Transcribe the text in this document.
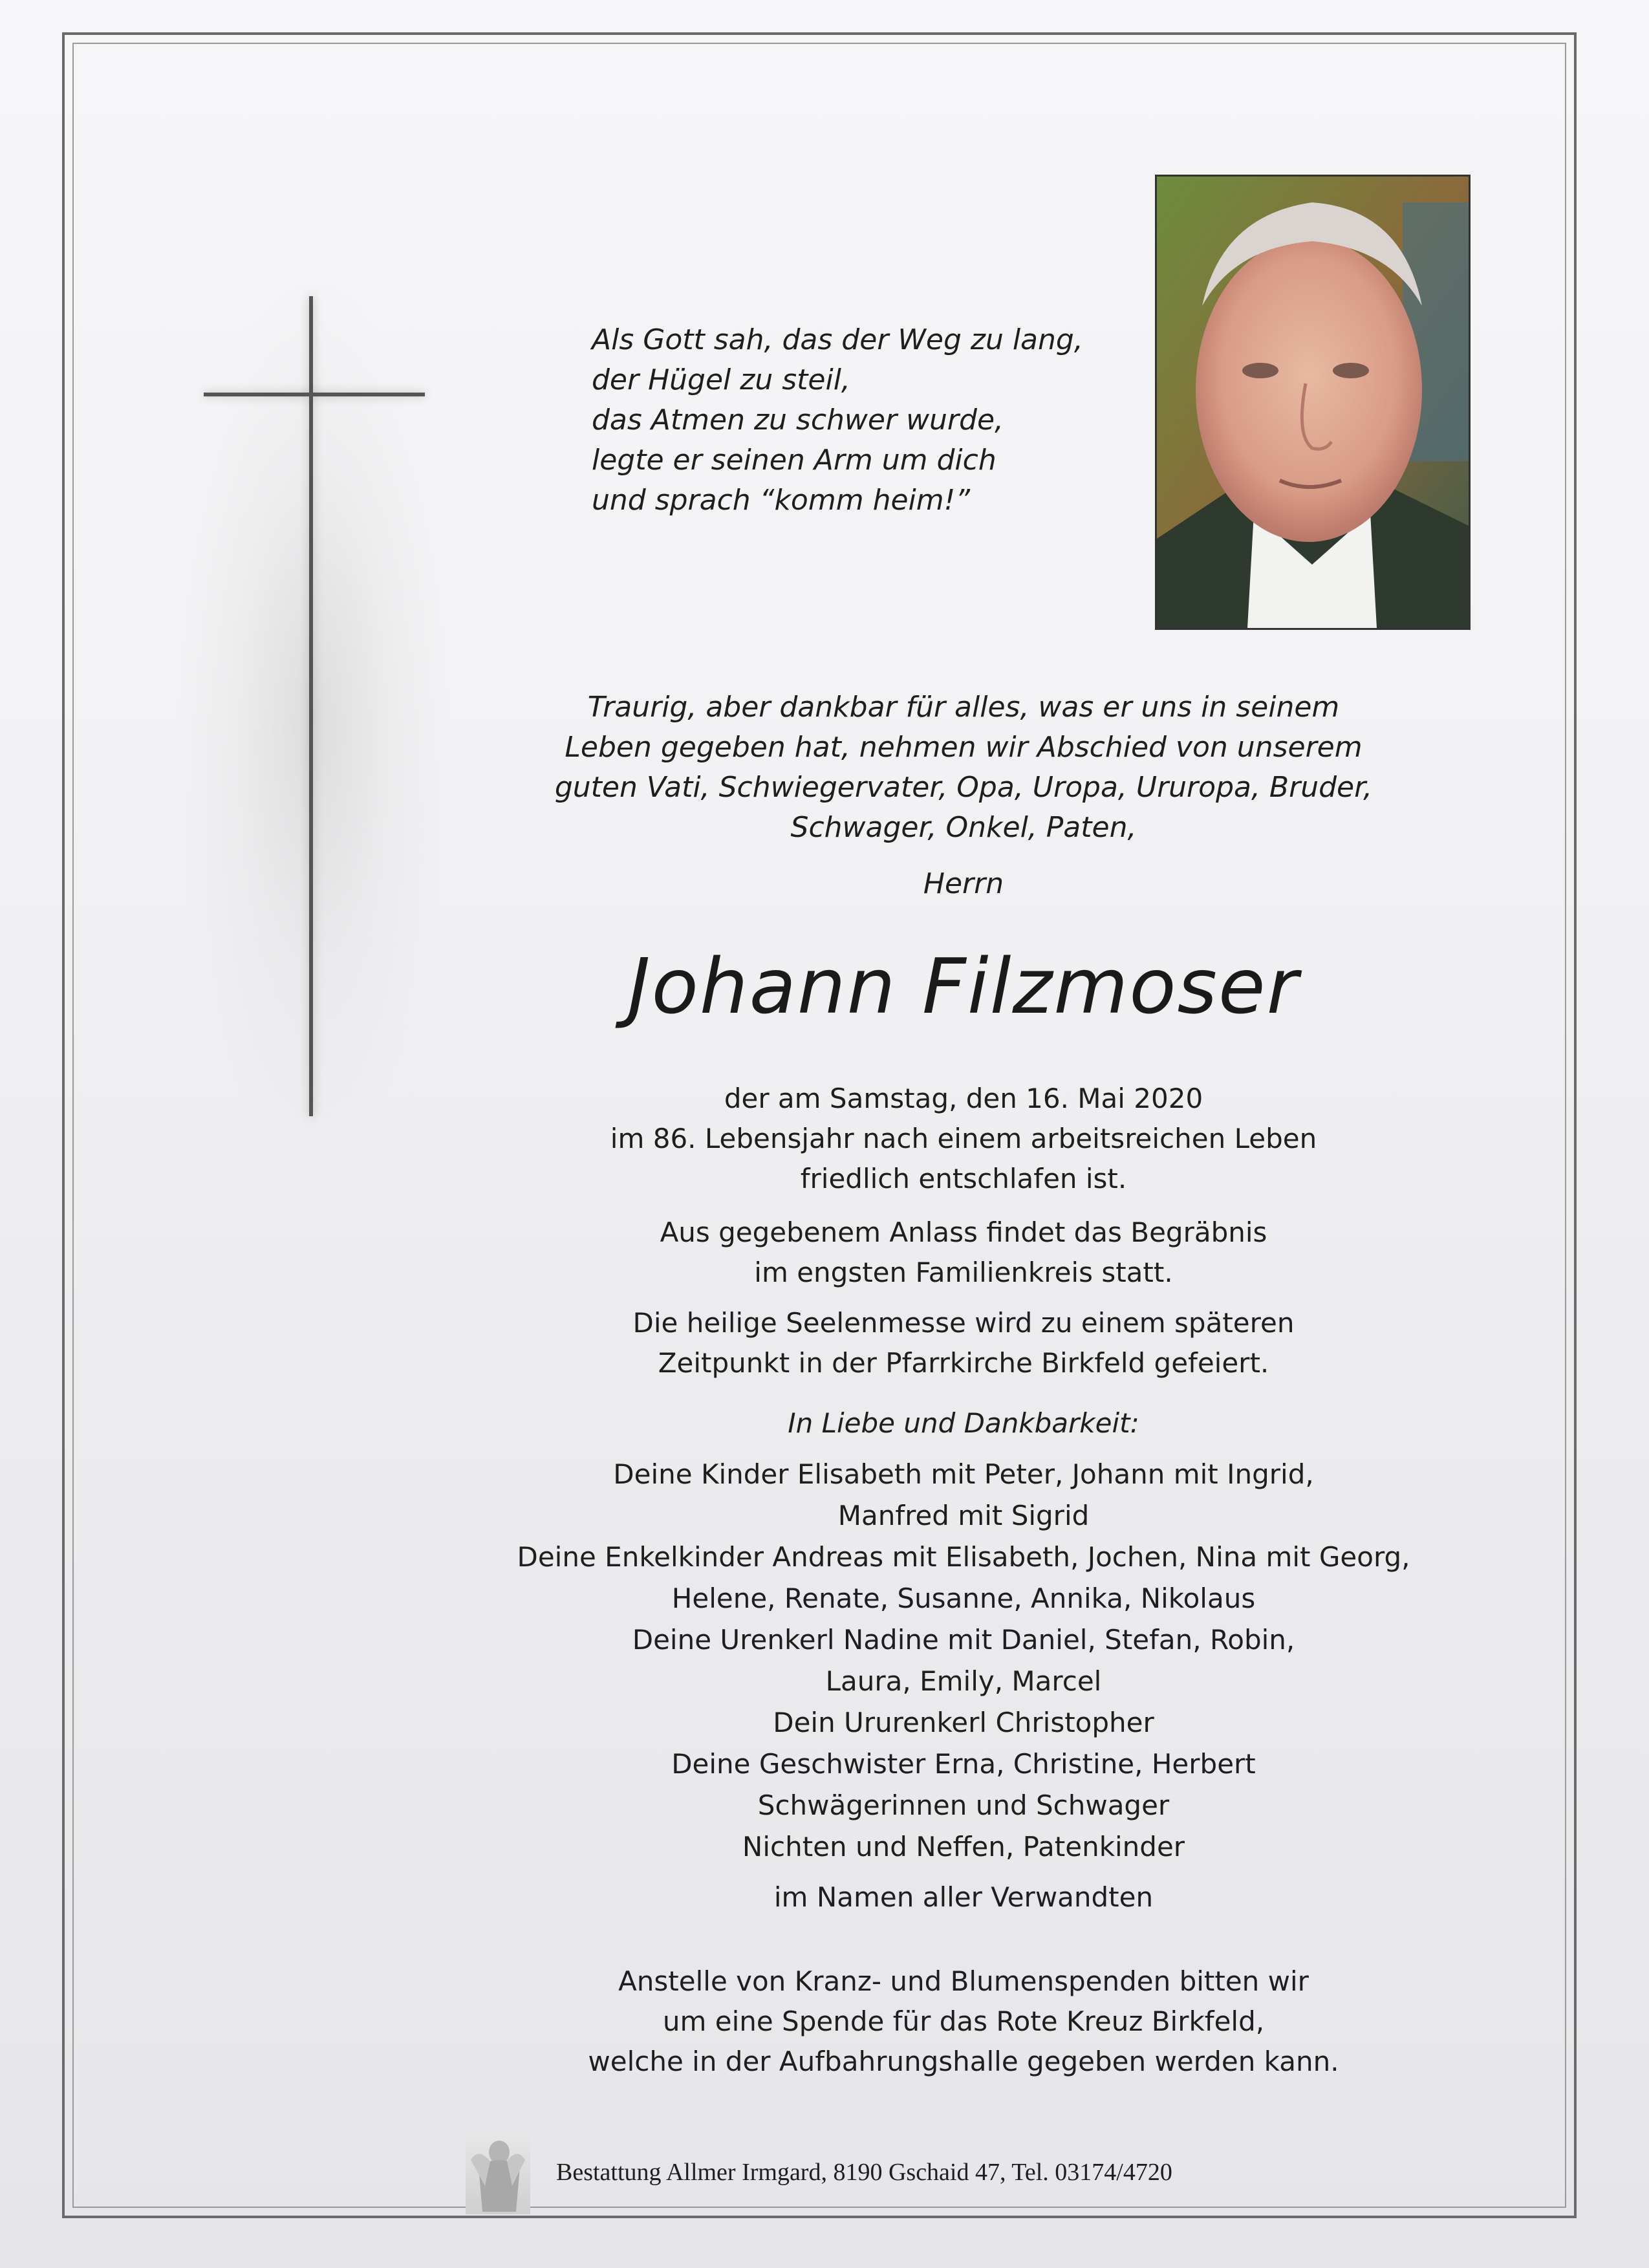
Als Gott sah, das der Weg zu lang,
der Hügel zu steil,
das Atmen zu schwer wurde,
legte er seinen Arm um dich
und sprach “komm heim!”
Traurig, aber dankbar für alles, was er uns in seinem
Leben gegeben hat, nehmen wir Abschied von unserem
guten Vati, Schwiegervater, Opa, Uropa, Ururopa, Bruder,
Schwager, Onkel, Paten,
Herrn
Johann Filzmoser
der am Samstag, den 16. Mai 2020
im 86. Lebensjahr nach einem arbeitsreichen Leben
friedlich entschlafen ist.
Aus gegebenem Anlass findet das Begräbnis
im engsten Familienkreis statt.
Die heilige Seelenmesse wird zu einem späteren
Zeitpunkt in der Pfarrkirche Birkfeld gefeiert.
In Liebe und Dankbarkeit:
Deine Kinder Elisabeth mit Peter, Johann mit Ingrid,
Manfred mit Sigrid
Deine Enkelkinder Andreas mit Elisabeth, Jochen, Nina mit Georg,
Helene, Renate, Susanne, Annika, Nikolaus
Deine Urenkerl Nadine mit Daniel, Stefan, Robin,
Laura, Emily, Marcel
Dein Ururenkerl Christopher
Deine Geschwister Erna, Christine, Herbert
Schwägerinnen und Schwager
Nichten und Neffen, Patenkinder
im Namen aller Verwandten
Anstelle von Kranz- und Blumenspenden bitten wir
um eine Spende für das Rote Kreuz Birkfeld,
welche in der Aufbahrungshalle gegeben werden kann.
Bestattung Allmer Irmgard, 8190 Gschaid 47, Tel. 03174/4720
